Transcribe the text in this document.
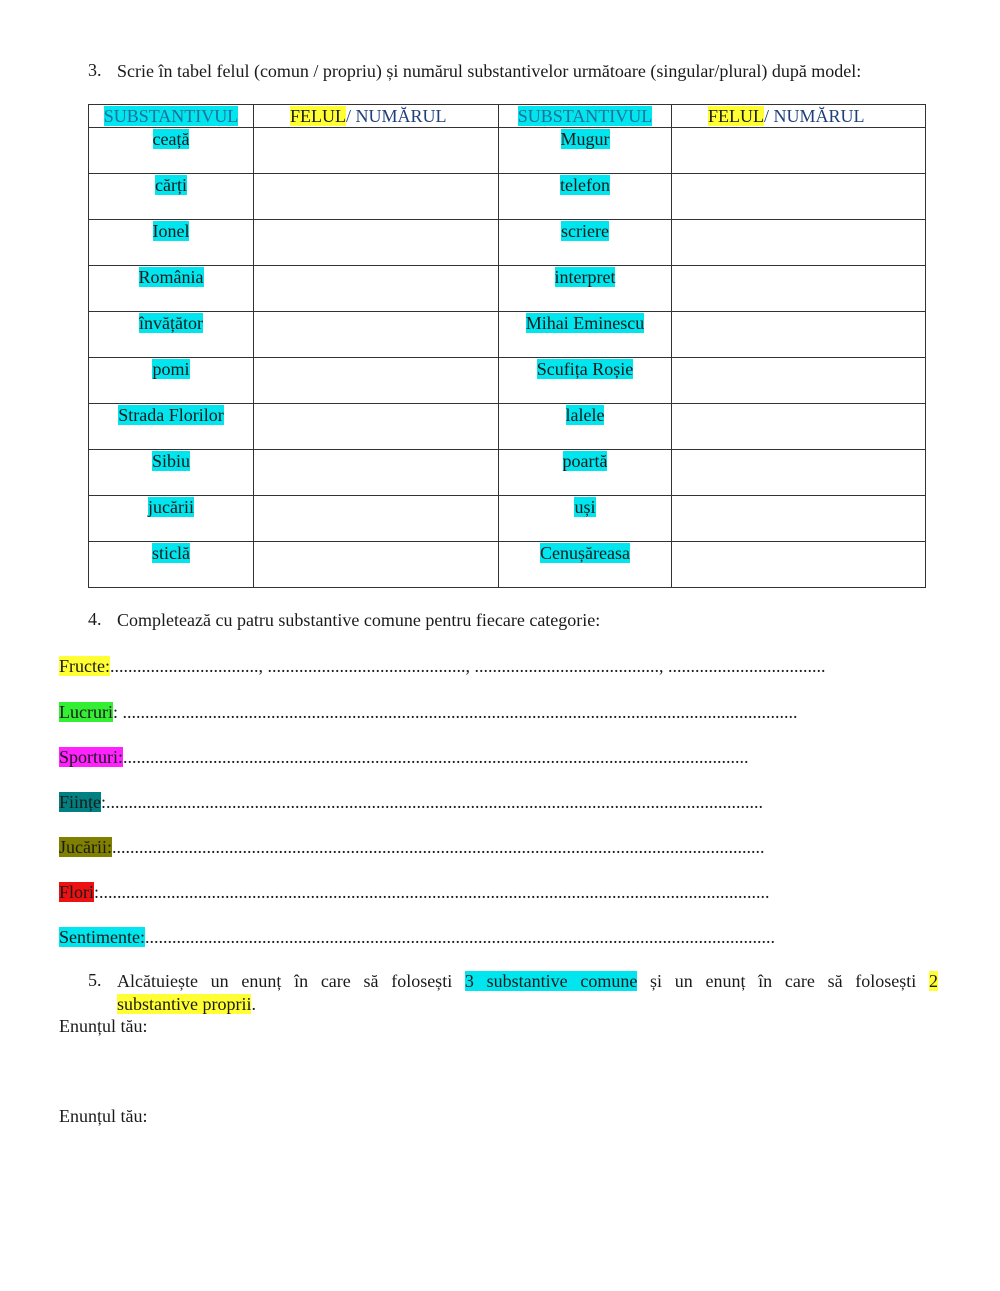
3. Scrie în tabel felul (comun / propriu) și numărul substantivelor următoare (singular/plural) după model:
SUBSTANTIVUL	FELUL/ NUMĂRUL	SUBSTANTIVUL	FELUL/ NUMĂRUL
ceață		Mugur	
cărți		telefon	
Ionel		scriere	
România		interpret	
învățător		Mihai Eminescu	
pomi		Scufița Roșie	
Strada Florilor		lalele	
Sibiu		poartă	
jucării		uși	
sticlă		Cenușăreasa	
4. Completează cu patru substantive comune pentru fiecare categorie:
Fructe:................................., ............................................, ........................................., ...................................
Lucruri: ......................................................................................................................................................
Sporturi:...........................................................................................................................................
Ființe:..................................................................................................................................................
Jucării:.................................................................................................................................................
Flori:.....................................................................................................................................................
Sentimente:............................................................................................................................................
5. Alcătuiește un enunț în care să folosești 3 substantive comune și un enunț în care să folosești 2
substantive proprii.
Enunțul tău:
Enunțul tău:
